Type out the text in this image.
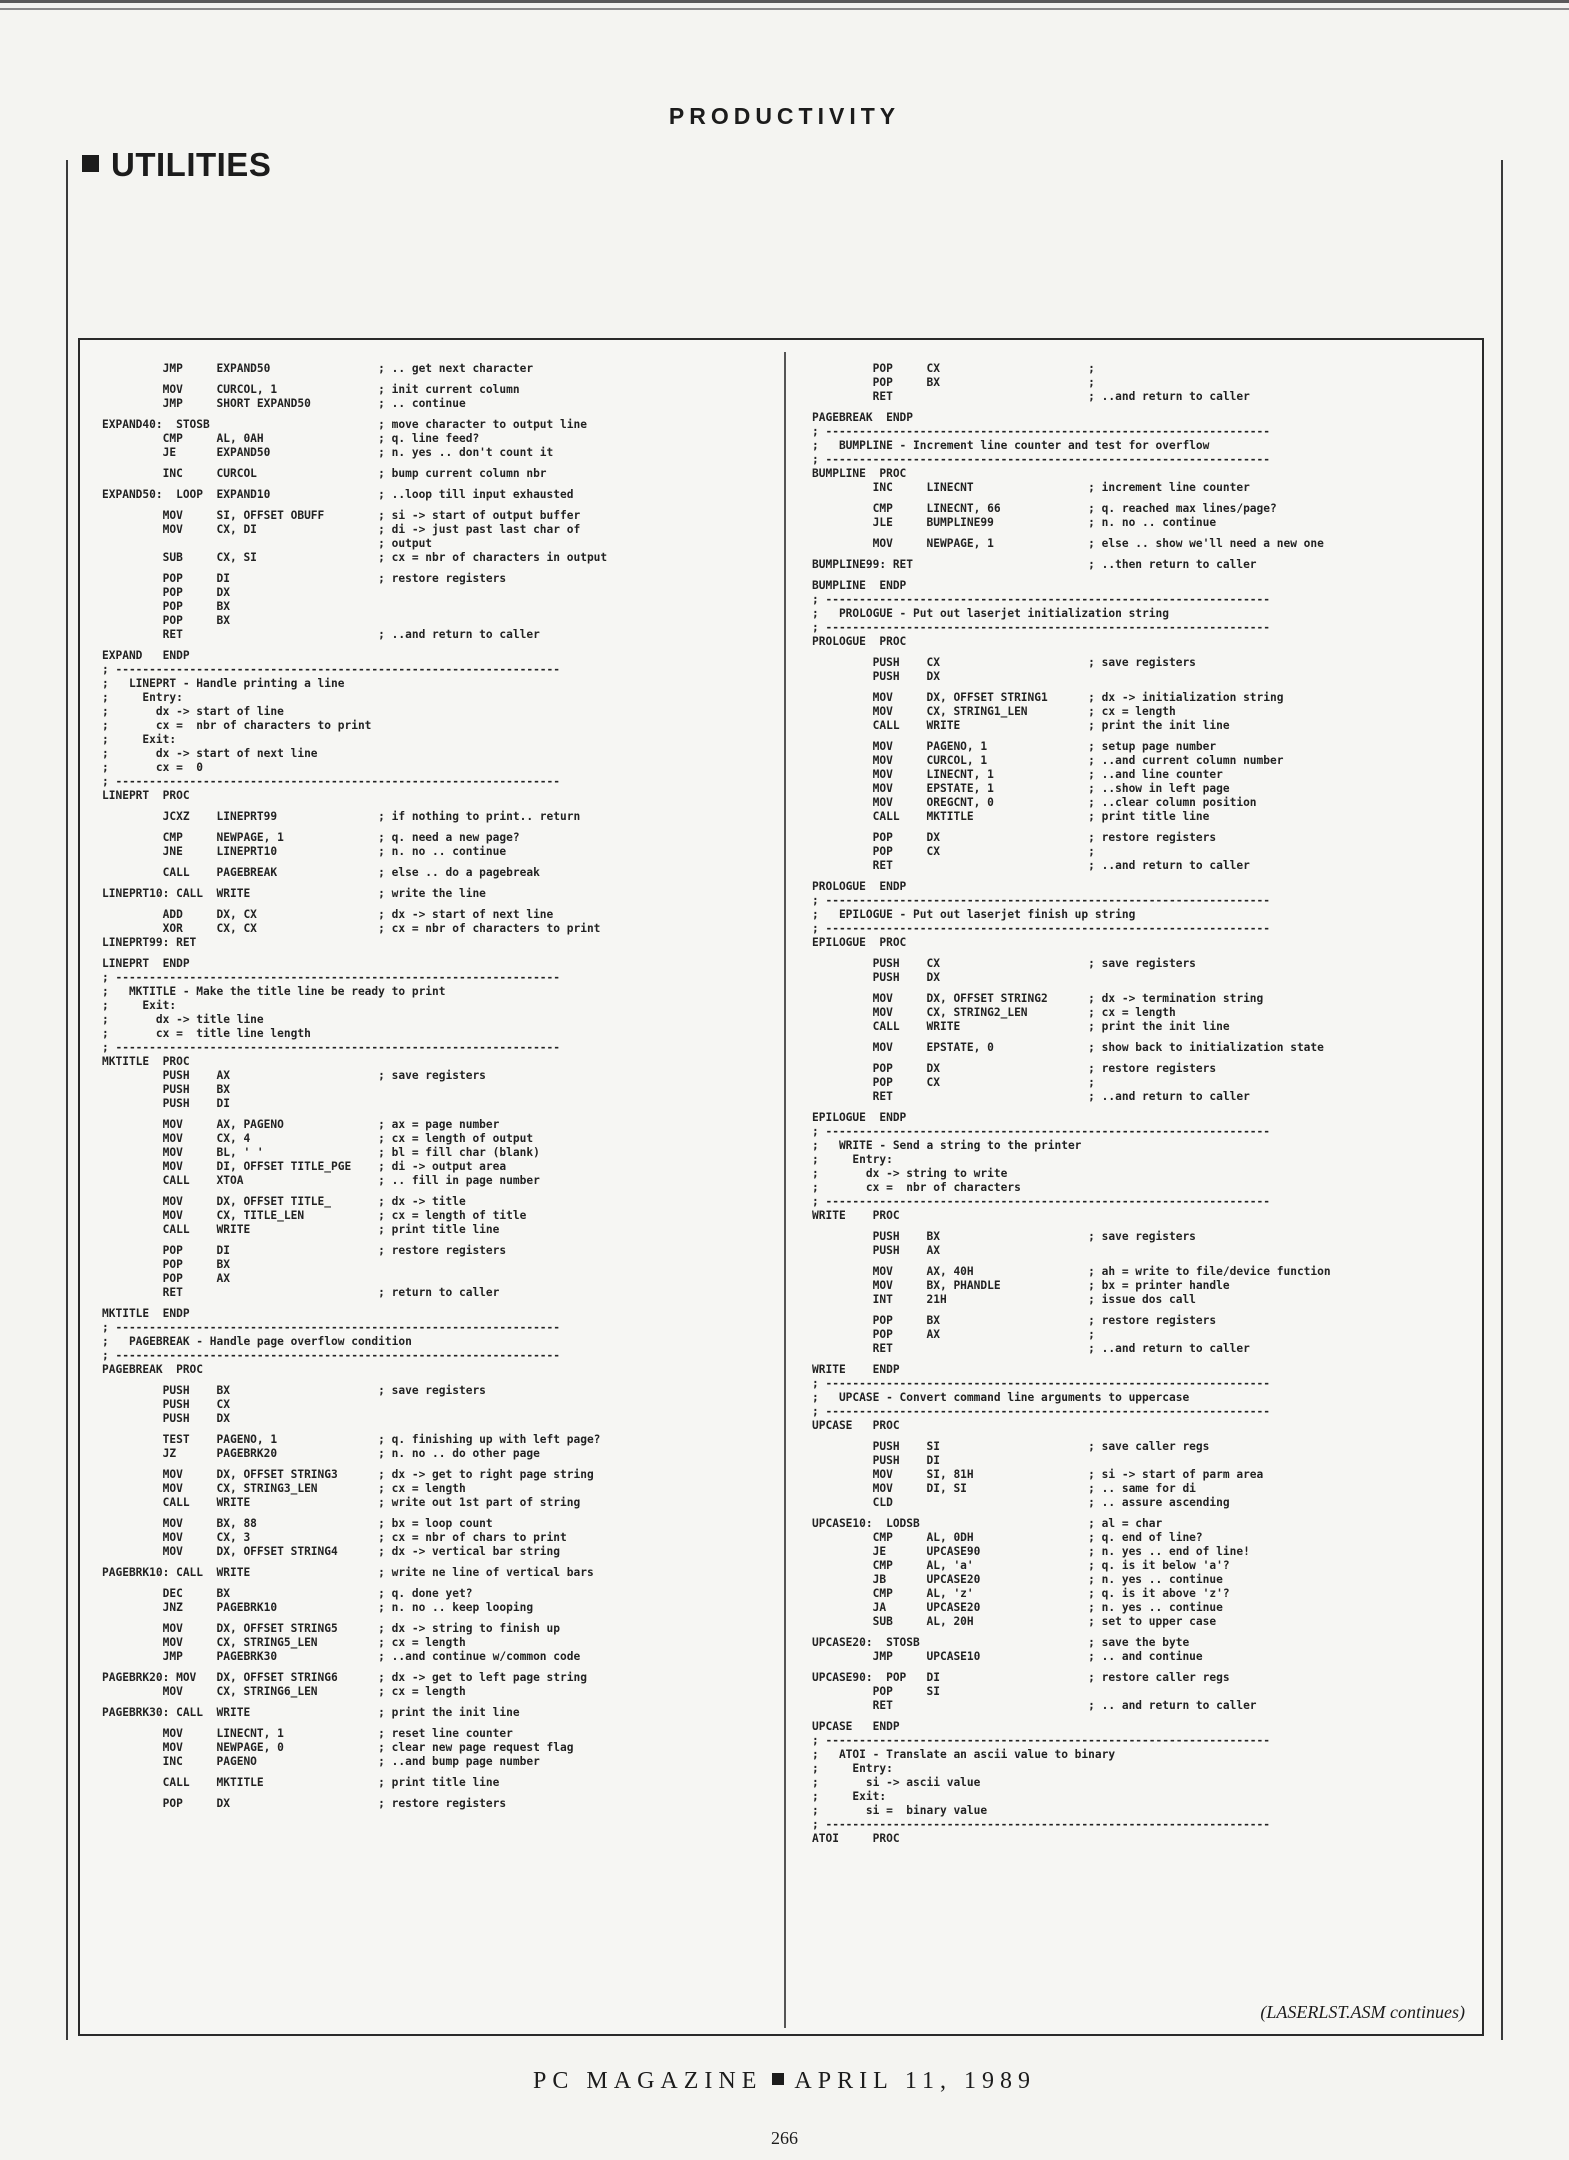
PRODUCTIVITY
UTILITIES
JMP     EXPAND50                ; .. get next character
MOV     CURCOL, 1               ; init current column
JMP     SHORT EXPAND50          ; .. continue
EXPAND40:  STOSB                         ; move character to output line
CMP     AL, 0AH                 ; q. line feed?
JE      EXPAND50                ; n. yes .. don't count it
INC     CURCOL                  ; bump current column nbr
EXPAND50:  LOOP  EXPAND10                ; ..loop till input exhausted
MOV     SI, OFFSET OBUFF        ; si -> start of output buffer
MOV     CX, DI                  ; di -> just past last char of
; output
SUB     CX, SI                  ; cx = nbr of characters in output
POP     DI                      ; restore registers
POP     DX
POP     BX
POP     BX
RET                             ; ..and return to caller
EXPAND   ENDP
; ------------------------------------------------------------------
;   LINEPRT - Handle printing a line
;     Entry:
;       dx -> start of line
;       cx =  nbr of characters to print
;     Exit:
;       dx -> start of next line
;       cx =  0
; ------------------------------------------------------------------
LINEPRT  PROC
JCXZ    LINEPRT99               ; if nothing to print.. return
CMP     NEWPAGE, 1              ; q. need a new page?
JNE     LINEPRT10               ; n. no .. continue
CALL    PAGEBREAK               ; else .. do a pagebreak
LINEPRT10: CALL  WRITE                   ; write the line
ADD     DX, CX                  ; dx -> start of next line
XOR     CX, CX                  ; cx = nbr of characters to print
LINEPRT99: RET
LINEPRT  ENDP
; ------------------------------------------------------------------
;   MKTITLE - Make the title line be ready to print
;     Exit:
;       dx -> title line
;       cx =  title line length
; ------------------------------------------------------------------
MKTITLE  PROC
PUSH    AX                      ; save registers
PUSH    BX
PUSH    DI
MOV     AX, PAGENO              ; ax = page number
MOV     CX, 4                   ; cx = length of output
MOV     BL, ' '                 ; bl = fill char (blank)
MOV     DI, OFFSET TITLE_PGE    ; di -> output area
CALL    XTOA                    ; .. fill in page number
MOV     DX, OFFSET TITLE_       ; dx -> title
MOV     CX, TITLE_LEN           ; cx = length of title
CALL    WRITE                   ; print title line
POP     DI                      ; restore registers
POP     BX
POP     AX
RET                             ; return to caller
MKTITLE  ENDP
; ------------------------------------------------------------------
;   PAGEBREAK - Handle page overflow condition
; ------------------------------------------------------------------
PAGEBREAK  PROC
PUSH    BX                      ; save registers
PUSH    CX
PUSH    DX
TEST    PAGENO, 1               ; q. finishing up with left page?
JZ      PAGEBRK20               ; n. no .. do other page
MOV     DX, OFFSET STRING3      ; dx -> get to right page string
MOV     CX, STRING3_LEN         ; cx = length
CALL    WRITE                   ; write out 1st part of string
MOV     BX, 88                  ; bx = loop count
MOV     CX, 3                   ; cx = nbr of chars to print
MOV     DX, OFFSET STRING4      ; dx -> vertical bar string
PAGEBRK10: CALL  WRITE                   ; write ne line of vertical bars
DEC     BX                      ; q. done yet?
JNZ     PAGEBRK10               ; n. no .. keep looping
MOV     DX, OFFSET STRING5      ; dx -> string to finish up
MOV     CX, STRING5_LEN         ; cx = length
JMP     PAGEBRK30               ; ..and continue w/common code
PAGEBRK20: MOV   DX, OFFSET STRING6      ; dx -> get to left page string
MOV     CX, STRING6_LEN         ; cx = length
PAGEBRK30: CALL  WRITE                   ; print the init line
MOV     LINECNT, 1              ; reset line counter
MOV     NEWPAGE, 0              ; clear new page request flag
INC     PAGENO                  ; ..and bump page number
CALL    MKTITLE                 ; print title line
POP     DX                      ; restore registers
POP     CX                      ;
POP     BX                      ;
RET                             ; ..and return to caller
PAGEBREAK  ENDP
; ------------------------------------------------------------------
;   BUMPLINE - Increment line counter and test for overflow
; ------------------------------------------------------------------
BUMPLINE  PROC
INC     LINECNT                 ; increment line counter
CMP     LINECNT, 66             ; q. reached max lines/page?
JLE     BUMPLINE99              ; n. no .. continue
MOV     NEWPAGE, 1              ; else .. show we'll need a new one
BUMPLINE99: RET                          ; ..then return to caller
BUMPLINE  ENDP
; ------------------------------------------------------------------
;   PROLOGUE - Put out laserjet initialization string
; ------------------------------------------------------------------
PROLOGUE  PROC
PUSH    CX                      ; save registers
PUSH    DX
MOV     DX, OFFSET STRING1      ; dx -> initialization string
MOV     CX, STRING1_LEN         ; cx = length
CALL    WRITE                   ; print the init line
MOV     PAGENO, 1               ; setup page number
MOV     CURCOL, 1               ; ..and current column number
MOV     LINECNT, 1              ; ..and line counter
MOV     EPSTATE, 1              ; ..show in left page
MOV     OREGCNT, 0              ; ..clear column position
CALL    MKTITLE                 ; print title line
POP     DX                      ; restore registers
POP     CX                      ;
RET                             ; ..and return to caller
PROLOGUE  ENDP
; ------------------------------------------------------------------
;   EPILOGUE - Put out laserjet finish up string
; ------------------------------------------------------------------
EPILOGUE  PROC
PUSH    CX                      ; save registers
PUSH    DX
MOV     DX, OFFSET STRING2      ; dx -> termination string
MOV     CX, STRING2_LEN         ; cx = length
CALL    WRITE                   ; print the init line
MOV     EPSTATE, 0              ; show back to initialization state
POP     DX                      ; restore registers
POP     CX                      ;
RET                             ; ..and return to caller
EPILOGUE  ENDP
; ------------------------------------------------------------------
;   WRITE - Send a string to the printer
;     Entry:
;       dx -> string to write
;       cx =  nbr of characters
; ------------------------------------------------------------------
WRITE    PROC
PUSH    BX                      ; save registers
PUSH    AX
MOV     AX, 40H                 ; ah = write to file/device function
MOV     BX, PHANDLE             ; bx = printer handle
INT     21H                     ; issue dos call
POP     BX                      ; restore registers
POP     AX                      ;
RET                             ; ..and return to caller
WRITE    ENDP
; ------------------------------------------------------------------
;   UPCASE - Convert command line arguments to uppercase
; ------------------------------------------------------------------
UPCASE   PROC
PUSH    SI                      ; save caller regs
PUSH    DI
MOV     SI, 81H                 ; si -> start of parm area
MOV     DI, SI                  ; .. same for di
CLD                             ; .. assure ascending
UPCASE10:  LODSB                         ; al = char
CMP     AL, 0DH                 ; q. end of line?
JE      UPCASE90                ; n. yes .. end of line!
CMP     AL, 'a'                 ; q. is it below 'a'?
JB      UPCASE20                ; n. yes .. continue
CMP     AL, 'z'                 ; q. is it above 'z'?
JA      UPCASE20                ; n. yes .. continue
SUB     AL, 20H                 ; set to upper case
UPCASE20:  STOSB                         ; save the byte
JMP     UPCASE10                ; .. and continue
UPCASE90:  POP   DI                      ; restore caller regs
POP     SI
RET                             ; .. and return to caller
UPCASE   ENDP
; ------------------------------------------------------------------
;   ATOI - Translate an ascii value to binary
;     Entry:
;       si -> ascii value
;     Exit:
;       si =  binary value
; ------------------------------------------------------------------
ATOI     PROC
(LASERLST.ASM continues)
PC MAGAZINE APRIL 11, 1989
266
